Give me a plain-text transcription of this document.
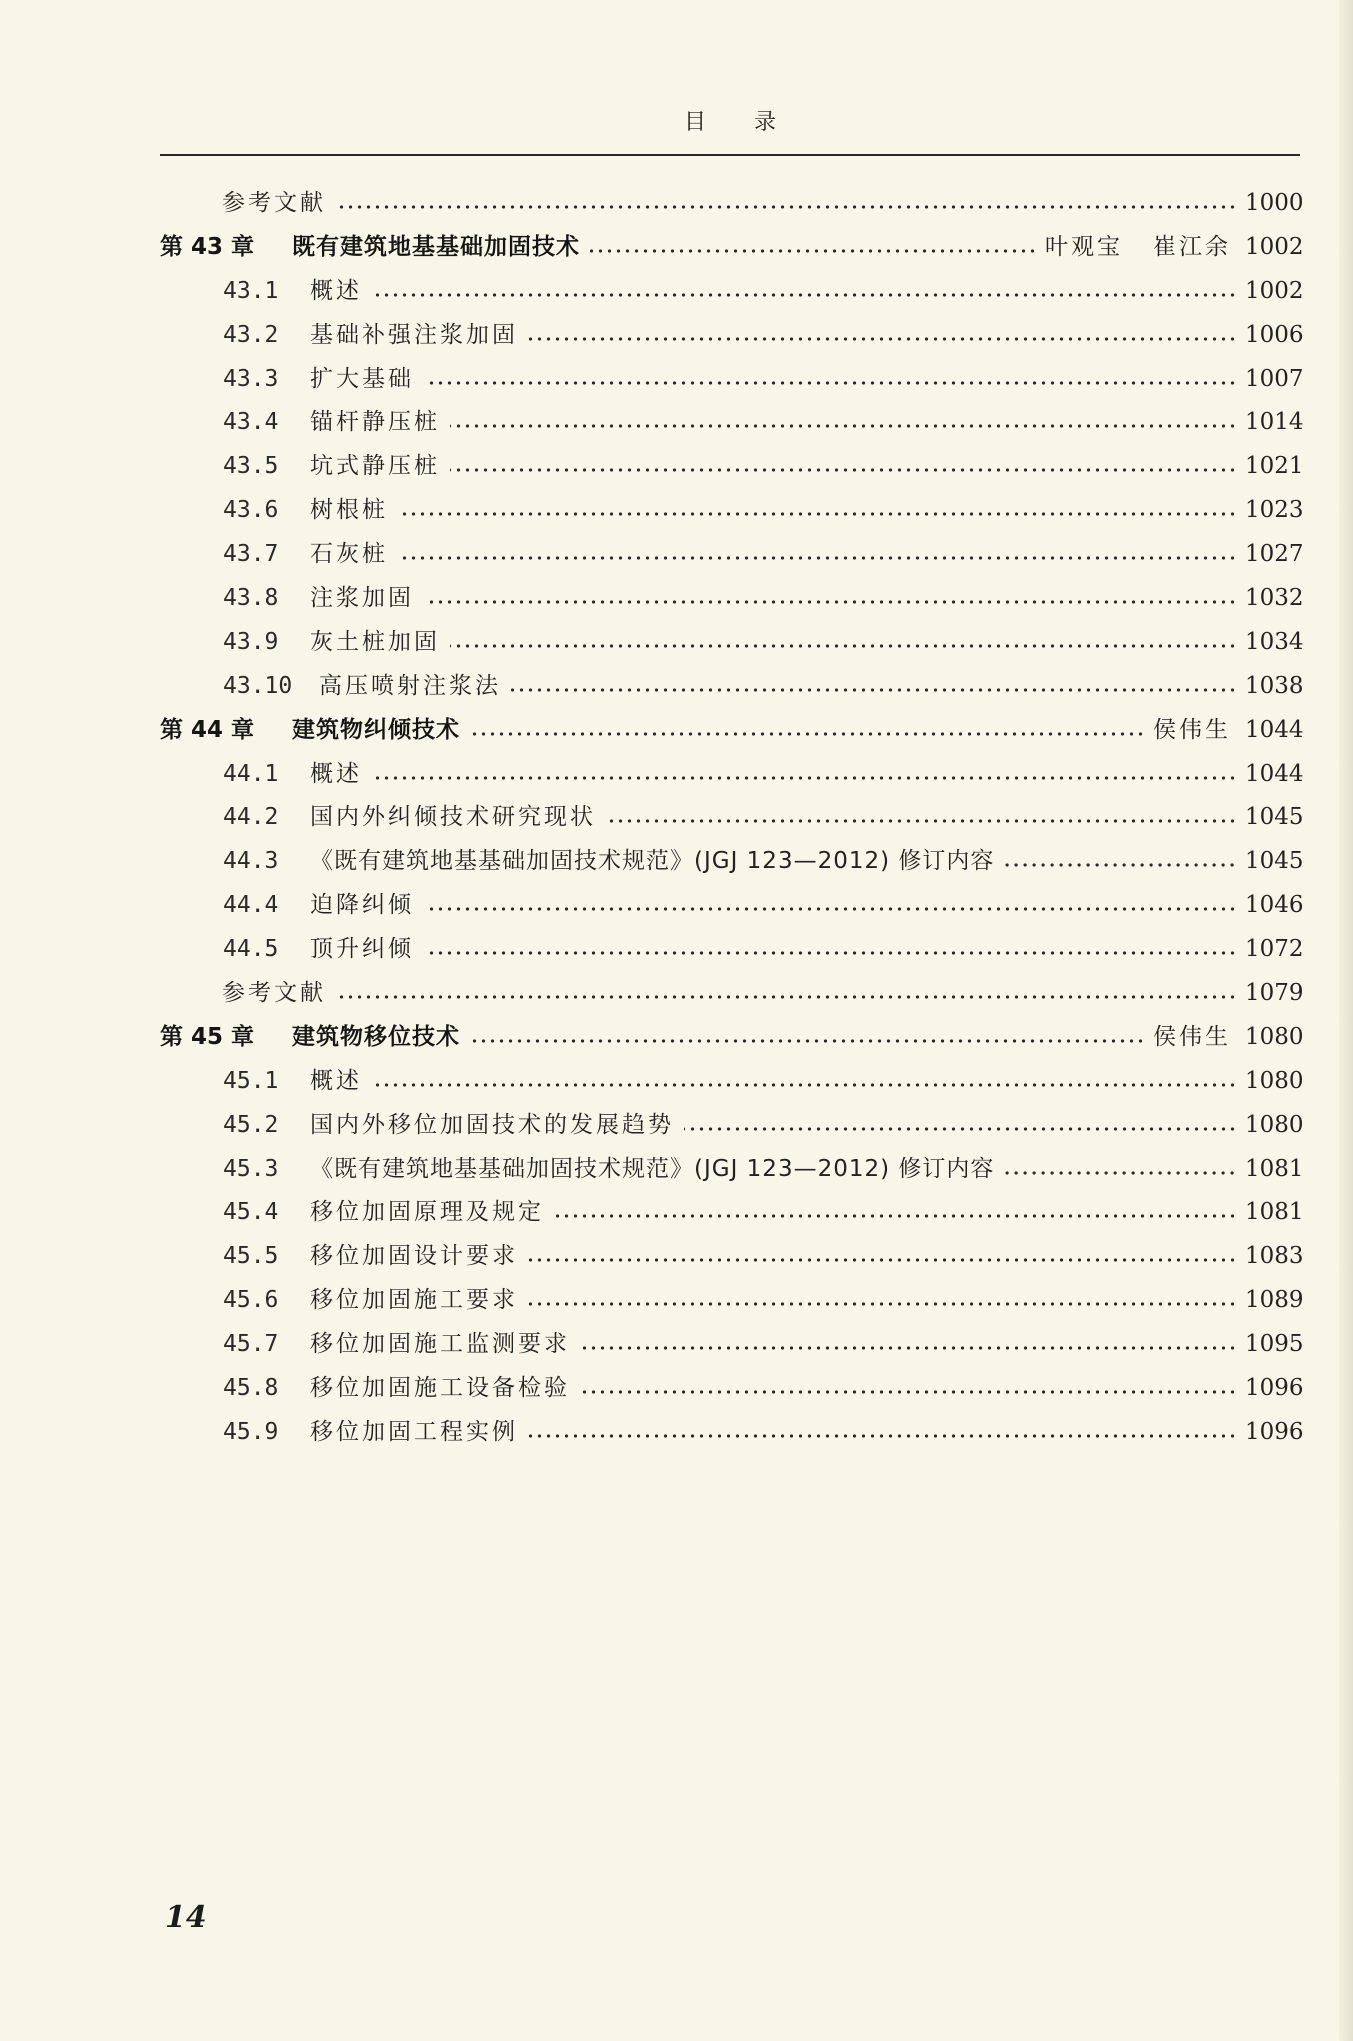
目录
参考文献	1000
第 43 章	既有建筑地基基础加固技术	叶观宝 崔江余 1002
43.1	概述	1002
43.2	基础补强注浆加固	1006
43.3	扩大基础	1007
43.4	锚杆静压桩	1014
43.5	坑式静压桩	1021
43.6	树根桩	1023
43.7	石灰桩	1027
43.8	注浆加固	1032
43.9	灰土桩加固	1034
43.10	高压喷射注浆法	1038
第 44 章	建筑物纠倾技术	侯伟生 1044
44.1	概述	1044
44.2	国内外纠倾技术研究现状	1045
44.3	《既有建筑地基基础加固技术规范》(JGJ 123—2012) 修订内容	1045
44.4	迫降纠倾	1046
44.5	顶升纠倾	1072
参考文献	1079
第 45 章	建筑物移位技术	侯伟生 1080
45.1	概述	1080
45.2	国内外移位加固技术的发展趋势	1080
45.3	《既有建筑地基基础加固技术规范》(JGJ 123—2012) 修订内容	1081
45.4	移位加固原理及规定	1081
45.5	移位加固设计要求	1083
45.6	移位加固施工要求	1089
45.7	移位加固施工监测要求	1095
45.8	移位加固施工设备检验	1096
45.9	移位加固工程实例	1096
14
